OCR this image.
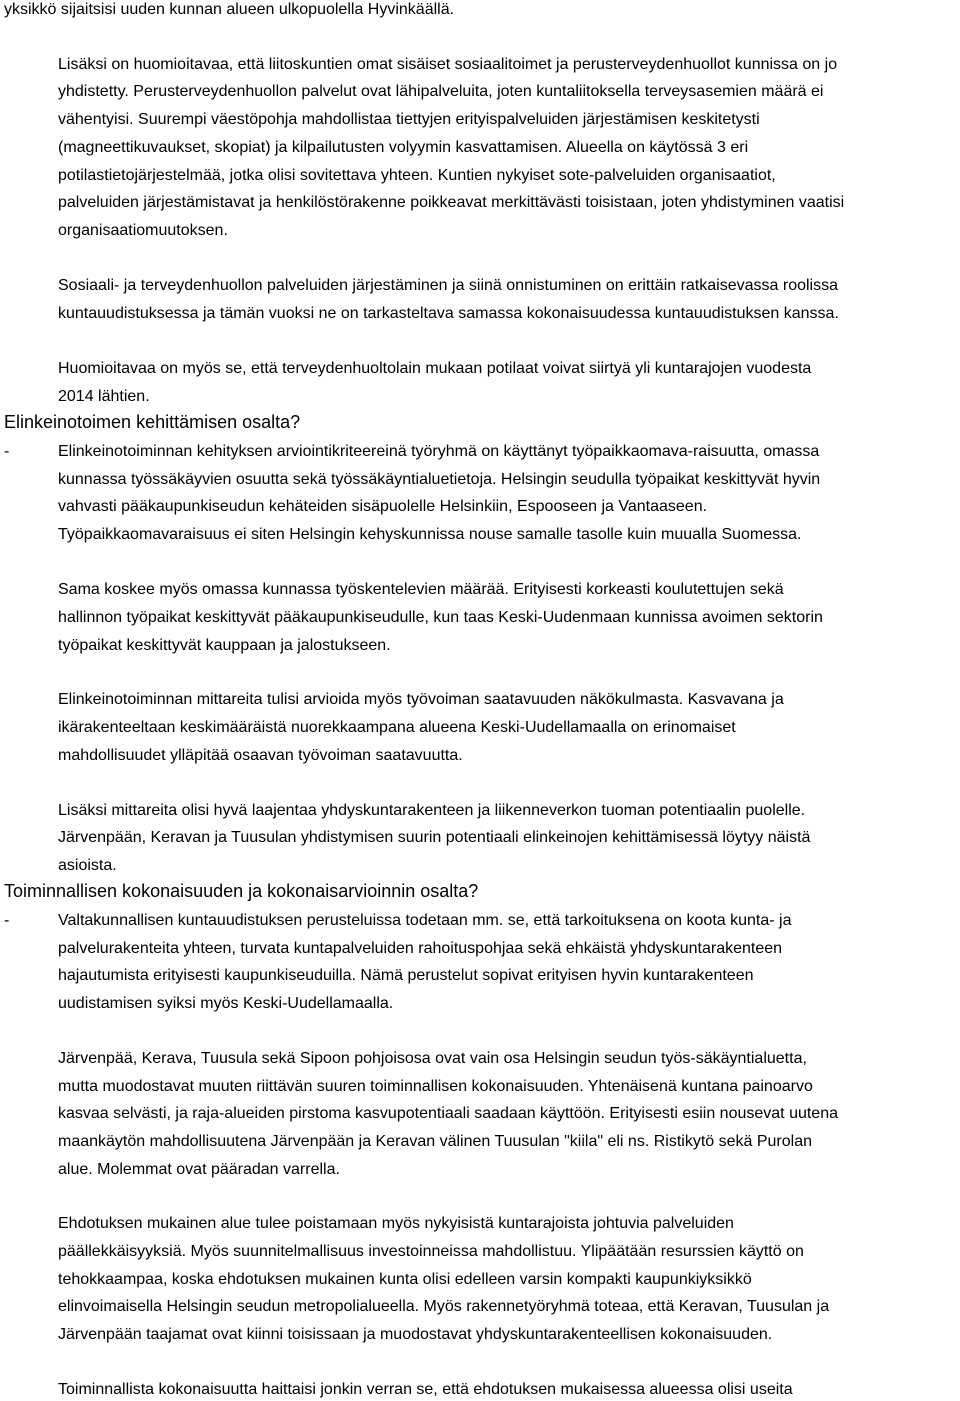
yksikkö sijaitsisi uuden kunnan alueen ulkopuolella Hyvinkäällä.

Lisäksi on huomioitavaa, että liitoskuntien omat sisäiset sosiaalitoimet ja perusterveydenhuollot kunnissa on jo

yhdistetty. Perusterveydenhuollon palvelut ovat lähipalveluita, joten kuntaliitoksella terveysasemien määrä ei

vähentyisi. Suurempi väestöpohja mahdollistaa tiettyjen erityispalveluiden järjestämisen keskitetysti

(magneettikuvaukset, skopiat) ja kilpailutusten volyymin kasvattamisen. Alueella on käytössä 3 eri

potilastietojärjestelmää, jotka olisi sovitettava yhteen. Kuntien nykyiset sote-palveluiden organisaatiot,

palveluiden järjestämistavat ja henkilöstörakenne poikkeavat merkittävästi toisistaan, joten yhdistyminen vaatisi

organisaatiomuutoksen.

Sosiaali- ja terveydenhuollon palveluiden järjestäminen ja siinä onnistuminen on erittäin ratkaisevassa roolissa

kuntauudistuksessa ja tämän vuoksi ne on tarkasteltava samassa kokonaisuudessa kuntauudistuksen kanssa.

Huomioitavaa on myös se, että terveydenhuoltolain mukaan potilaat voivat siirtyä yli kuntarajojen vuodesta

2014 lähtien.

Elinkeinotoimen kehittämisen osalta?
-	Elinkeinotoiminnan kehityksen arviointikriteereinä työryhmä on käyttänyt työpaikkaomava-raisuutta, omassa

kunnassa työssäkäyvien osuutta sekä työssäkäyntialuetietoja. Helsingin seudulla työpaikat keskittyvät hyvin

vahvasti pääkaupunkiseudun kehäteiden sisäpuolelle Helsinkiin, Espooseen ja Vantaaseen.

Työpaikkaomavaraisuus ei siten Helsingin kehyskunnissa nouse samalle tasolle kuin muualla Suomessa.

Sama koskee myös omassa kunnassa työskentelevien määrää. Erityisesti korkeasti koulutettujen sekä

hallinnon työpaikat keskittyvät pääkaupunkiseudulle, kun taas Keski-Uudenmaan kunnissa avoimen sektorin

työpaikat keskittyvät kauppaan ja jalostukseen.

Elinkeinotoiminnan mittareita tulisi arvioida myös työvoiman saatavuuden näkökulmasta. Kasvavana ja

ikärakenteeltaan keskimääräistä nuorekkaampana alueena Keski-Uudellamaalla on erinomaiset

mahdollisuudet ylläpitää osaavan työvoiman saatavuutta.

Lisäksi mittareita olisi hyvä laajentaa yhdyskuntarakenteen ja liikenneverkon tuoman potentiaalin puolelle.

Järvenpään, Keravan ja Tuusulan yhdistymisen suurin potentiaali elinkeinojen kehittämisessä löytyy näistä

asioista.

Toiminnallisen kokonaisuuden ja kokonaisarvioinnin osalta?
-	Valtakunnallisen kuntauudistuksen perusteluissa todetaan mm. se, että tarkoituksena on koota kunta- ja

palvelurakenteita yhteen, turvata kuntapalveluiden rahoituspohjaa sekä ehkäistä yhdyskuntarakenteen

hajautumista erityisesti kaupunkiseuduilla. Nämä perustelut sopivat erityisen hyvin kuntarakenteen

uudistamisen syiksi myös Keski-Uudellamaalla.

Järvenpää, Kerava, Tuusula sekä Sipoon pohjoisosa ovat vain osa Helsingin seudun työs-säkäyntialuetta,

mutta muodostavat muuten riittävän suuren toiminnallisen kokonaisuuden. Yhtenäisenä kuntana painoarvo

kasvaa selvästi, ja raja-alueiden pirstoma kasvupotentiaali saadaan käyttöön. Erityisesti esiin nousevat uutena

maankäytön mahdollisuutena Järvenpään ja Keravan välinen Tuusulan "kiila" eli ns. Ristikytö sekä Purolan

alue. Molemmat ovat pääradan varrella.

Ehdotuksen mukainen alue tulee poistamaan myös nykyisistä kuntarajoista johtuvia palveluiden

päällekkäisyyksiä. Myös suunnitelmallisuus investoinneissa mahdollistuu. Ylipäätään resurssien käyttö on

tehokkaampaa, koska ehdotuksen mukainen kunta olisi edelleen varsin kompakti kaupunkiyksikkö

elinvoimaisella Helsingin seudun metropolialueella. Myös rakennetyöryhmä toteaa, että Keravan, Tuusulan ja

Järvenpään taajamat ovat kiinni toisissaan ja muodostavat yhdyskuntarakenteellisen kokonaisuuden.

Toiminnallista kokonaisuutta haittaisi jonkin verran se, että ehdotuksen mukaisessa alueessa olisi useita
